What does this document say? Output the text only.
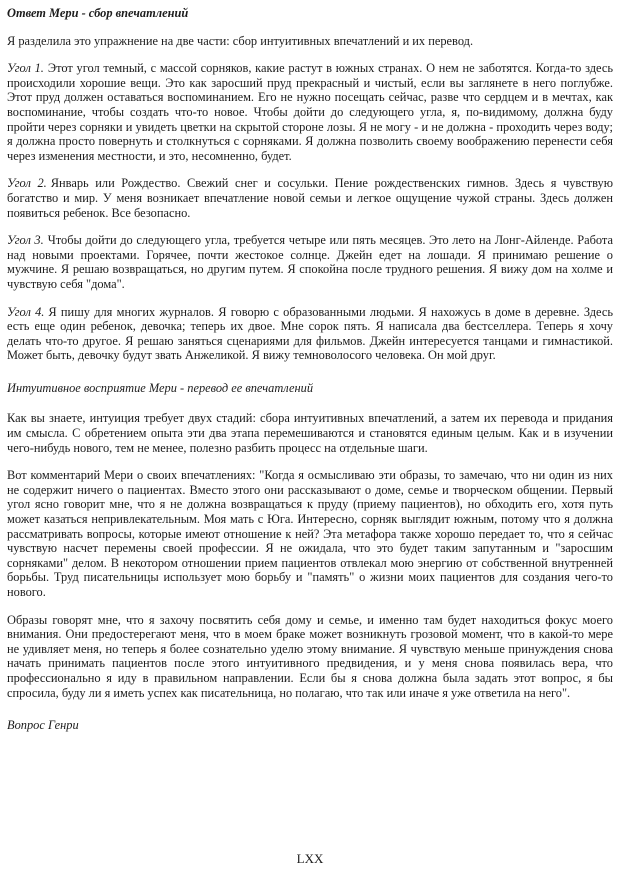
Ответ Мери - сбор впечатлений

Я разделила это упражнение на две части: сбор интуитивных впечатлений и их перевод.

Угол 1. Этот угол темный, с массой сорняков, какие растут в южных странах. О нем не заботятся. Когда-то здесь происходили хорошие вещи. Это как заросший пруд прекрасный и чистый, если вы заглянете в него поглубже. Этот пруд должен оставаться воспоминанием. Его не нужно посещать сейчас, разве что сердцем и в мечтах, как воспоминание, чтобы создать что-то новое. Чтобы дойти до следующего угла, я, по-видимому, должна буду пройти через сорняки и увидеть цветки на скрытой стороне лозы. Я не могу - и не должна - проходить через воду; я должна просто повернуть и столкнуться с сорняками. Я должна позволить своему воображению перенести себя через изменения местности, и это, несомненно, будет.

Угол 2. Январь или Рождество. Свежий снег и сосульки. Пение рождественских гимнов. Здесь я чувствую богатство и мир. У меня возникает впечатление новой семьи и легкое ощущение чужой страны. Здесь должен появиться ребенок. Все безопасно.

Угол 3. Чтобы дойти до следующего угла, требуется четыре или пять месяцев. Это лето на Лонг-Айленде. Работа над новыми проектами. Горячее, почти жестокое солнце. Джейн едет на лошади. Я принимаю решение о мужчине. Я решаю возвращаться, но другим путем. Я спокойна после трудного решения. Я вижу дом на холме и чувствую себя "дома".

Угол 4. Я пишу для многих журналов. Я говорю с образованными людьми. Я нахожусь в доме в деревне. Здесь есть еще один ребенок, девочка; теперь их двое. Мне сорок пять. Я написала два бестселлера. Теперь я хочу делать что-то другое. Я решаю заняться сценариями для фильмов. Джейн интересуется танцами и гимнастикой. Может быть, девочку будут звать Анжеликой. Я вижу темноволосого человека. Он мой друг.

Интуитивное восприятие Мери - перевод ее впечатлений

Как вы знаете, интуиция требует двух стадий: сбора интуитивных впечатлений, а затем их перевода и придания им смысла. С обретением опыта эти два этапа перемешиваются и становятся единым целым. Как и в изучении чего-нибудь нового, тем не менее, полезно разбить процесс на отдельные шаги.

Вот комментарий Мери о своих впечатлениях: "Когда я осмысливаю эти образы, то замечаю, что ни один из них не содержит ничего о пациентах. Вместо этого они рассказывают о доме, семье и творческом общении. Первый угол ясно говорит мне, что я не должна возвращаться к пруду (приему пациентов), но обходить его, хотя путь может казаться непривлекательным. Моя мать с Юга. Интересно, сорняк выглядит южным, потому что я должна рассматривать вопросы, которые имеют отношение к ней? Эта метафора также хорошо передает то, что я сейчас чувствую насчет перемены своей профессии. Я не ожидала, что это будет таким запутанным и "заросшим сорняками" делом. В некотором отношении прием пациентов отвлекал мою энергию от собственной внутренней борьбы. Труд писательницы использует мою борьбу и "память" о жизни моих пациентов для создания чего-то нового.

Образы говорят мне, что я захочу посвятить себя дому и семье, и именно там будет находиться фокус моего внимания. Они предостерегают меня, что в моем браке может возникнуть грозовой момент, что в какой-то мере не удивляет меня, но теперь я более сознательно уделю этому внимание. Я чувствую меньше принуждения снова начать принимать пациентов после этого интуитивного предвидения, и у меня снова появилась вера, что профессионально я иду в правильном направлении. Если бы я снова должна была задать этот вопрос, я бы спросила, буду ли я иметь успех как писательница, но полагаю, что так или иначе я уже ответила на него".

Вопрос Генри

LXX
